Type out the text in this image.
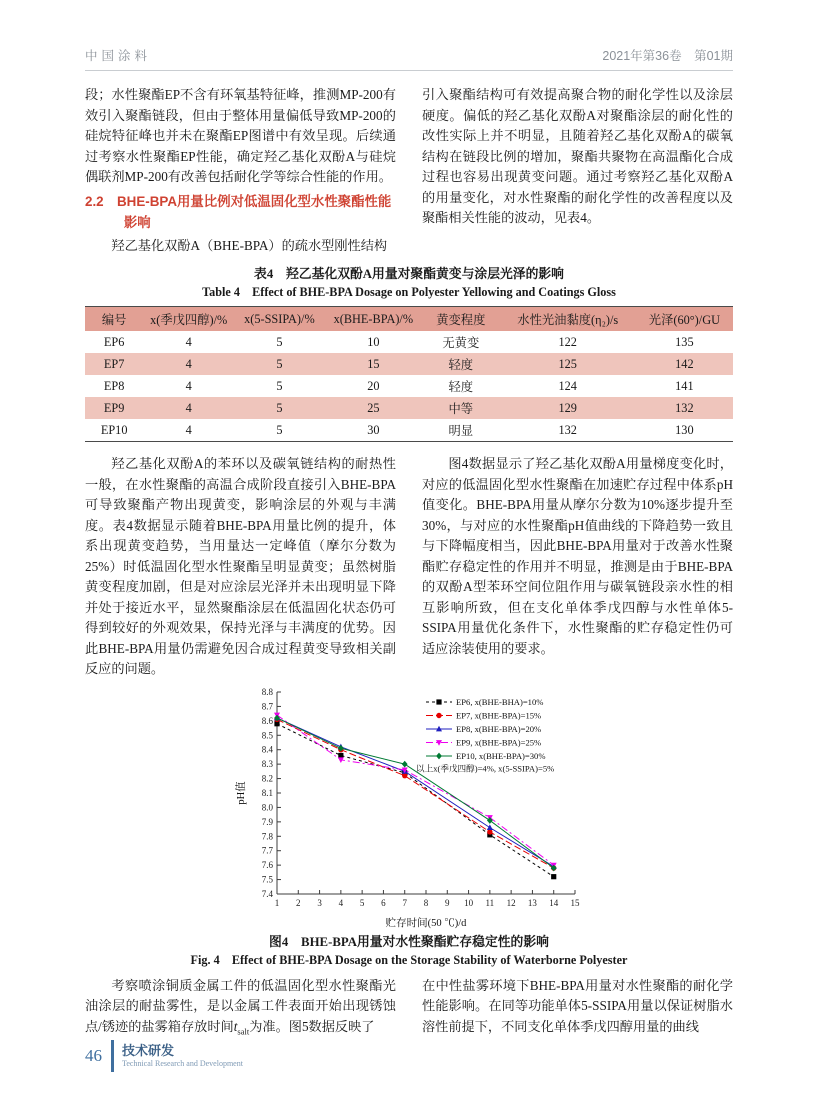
中国涂料	2021年第36卷　第01期

段；水性聚酯EP不含有环氧基特征峰，推测MP-200有效引入聚酯链段，但由于整体用量偏低导致MP-200的硅烷特征峰也并未在聚酯EP图谱中有效呈现。后续通过考察水性聚酯EP性能，确定羟乙基化双酚A与硅烷偶联剂MP-200有改善包括耐化学等综合性能的作用。

2.2　BHE-BPA用量比例对低温固化型水性聚酯性能影响

羟乙基化双酚A（BHE-BPA）的疏水型刚性结构

引入聚酯结构可有效提高聚合物的耐化学性以及涂层硬度。偏低的羟乙基化双酚A对聚酯涂层的耐化性的改性实际上并不明显，且随着羟乙基化双酚A的碳氧结构在链段比例的增加，聚酯共聚物在高温酯化合成过程也容易出现黄变问题。通过考察羟乙基化双酚A的用量变化，对水性聚酯的耐化学性的改善程度以及聚酯相关性能的波动，见表4。

表4　羟乙基化双酚A用量对聚酯黄变与涂层光泽的影响

Table 4　Effect of BHE-BPA Dosage on Polyester Yellowing and Coatings Gloss

编号	x(季戊四醇)/%	x(5-SSIPA)/%	x(BHE-BPA)/%	黄变程度	水性光油黏度(η₂)/s	光泽(60°)/GU
EP6	4	5	10	无黄变	122	135
EP7	4	5	15	轻度	125	142
EP8	4	5	20	轻度	124	141
EP9	4	5	25	中等	129	132
EP10	4	5	30	明显	132	130

羟乙基化双酚A的苯环以及碳氧链结构的耐热性一般，在水性聚酯的高温合成阶段直接引入BHE-BPA可导致聚酯产物出现黄变，影响涂层的外观与丰满度。表4数据显示随着BHE-BPA用量比例的提升，体系出现黄变趋势，当用量达一定峰值（摩尔分数为25%）时低温固化型水性聚酯呈明显黄变；虽然树脂黄变程度加剧，但是对应涂层光泽并未出现明显下降并处于接近水平，显然聚酯涂层在低温固化状态仍可得到较好的外观效果，保持光泽与丰满度的优势。因此BHE-BPA用量仍需避免因合成过程黄变导致相关副反应的问题。

图4数据显示了羟乙基化双酚A用量梯度变化时，对应的低温固化型水性聚酯在加速贮存过程中体系pH值变化。BHE-BPA用量从摩尔分数为10%逐步提升至30%，与对应的水性聚酯pH值曲线的下降趋势一致且与下降幅度相当，因此BHE-BPA用量对于改善水性聚酯贮存稳定性的作用并不明显，推测是由于BHE-BPA的双酚A型苯环空间位阻作用与碳氧链段亲水性的相互影响所致，但在支化单体季戊四醇与水性单体5-SSIPA用量优化条件下，水性聚酯的贮存稳定性仍可适应涂装使用的要求。

7.4
7.5
7.6
7.7
7.8
7.9
8.0
8.1
8.2
8.3
8.4
8.5
8.6
8.7
8.8
1 2 3 4 5 6 7 8 9 10 11 12 13 14 15
贮存时间(50 ℃)/d
pH值
EP6, x(BHE-BHA)=10%
EP7, x(BHE-BPA)=15%
EP8, x(BHE-BPA)=20%
EP9, x(BHE-BPA)=25%
EP10, x(BHE-BPA)=30%
以上x(季戊四醇)=4%, x(5-SSIPA)=5%

图4　BHE-BPA用量对水性聚酯贮存稳定性的影响

Fig. 4　Effect of BHE-BPA Dosage on the Storage Stability of Waterborne Polyester

考察喷涂铜质金属工件的低温固化型水性聚酯光油涂层的耐盐雾性，是以金属工件表面开始出现锈蚀点/锈迹的盐雾箱存放时间$t_{salt}$为准。图5数据反映了

在中性盐雾环境下BHE-BPA用量对水性聚酯的耐化学性能影响。在同等功能单体5-SSIPA用量以保证树脂水溶性前提下，不同支化单体季戊四醇用量的曲线

46 技术研发
Technical Research and Development
